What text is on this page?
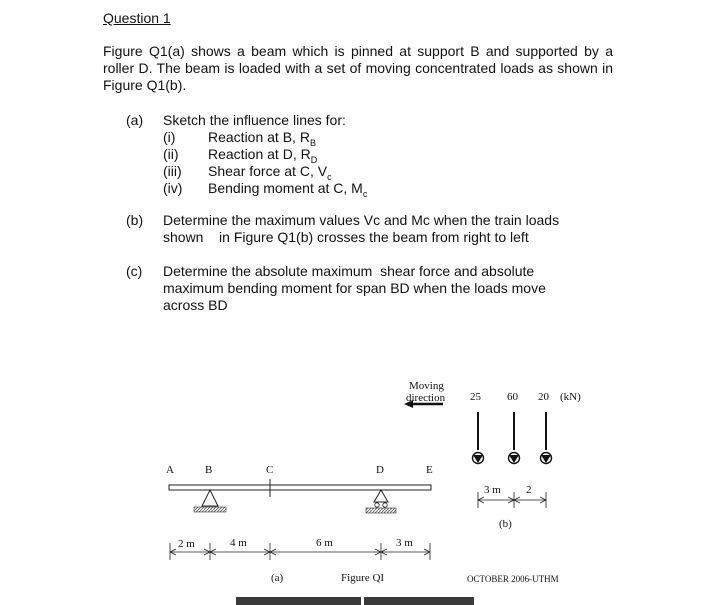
Question 1
Figure Q1(a) shows a beam which is pinned at support B and supported by a roller D. The beam is loaded with a set of moving concentrated loads as shown in Figure Q1(b).
(a) Sketch the influence lines for:
(i) Reaction at B, $R_B$
(ii) Reaction at D, $R_D$
(iii) Shear force at C, $V_c$
(iv) Bending moment at C, $M_c$
(b) Determine the maximum values Vc and Mc when the train loads
shown    in Figure Q1(b) crosses the beam from right to left
(c) Determine the absolute maximum  shear force and absolute
maximum bending moment for span BD when the loads move
across BD
A	B	C	D	E
2 m	4 m	6 m	3 m
(a)	Figure QI
Moving
direction 25 60 20 (kN)
3 m 2
(b)
OCTOBER 2006-UTHM
